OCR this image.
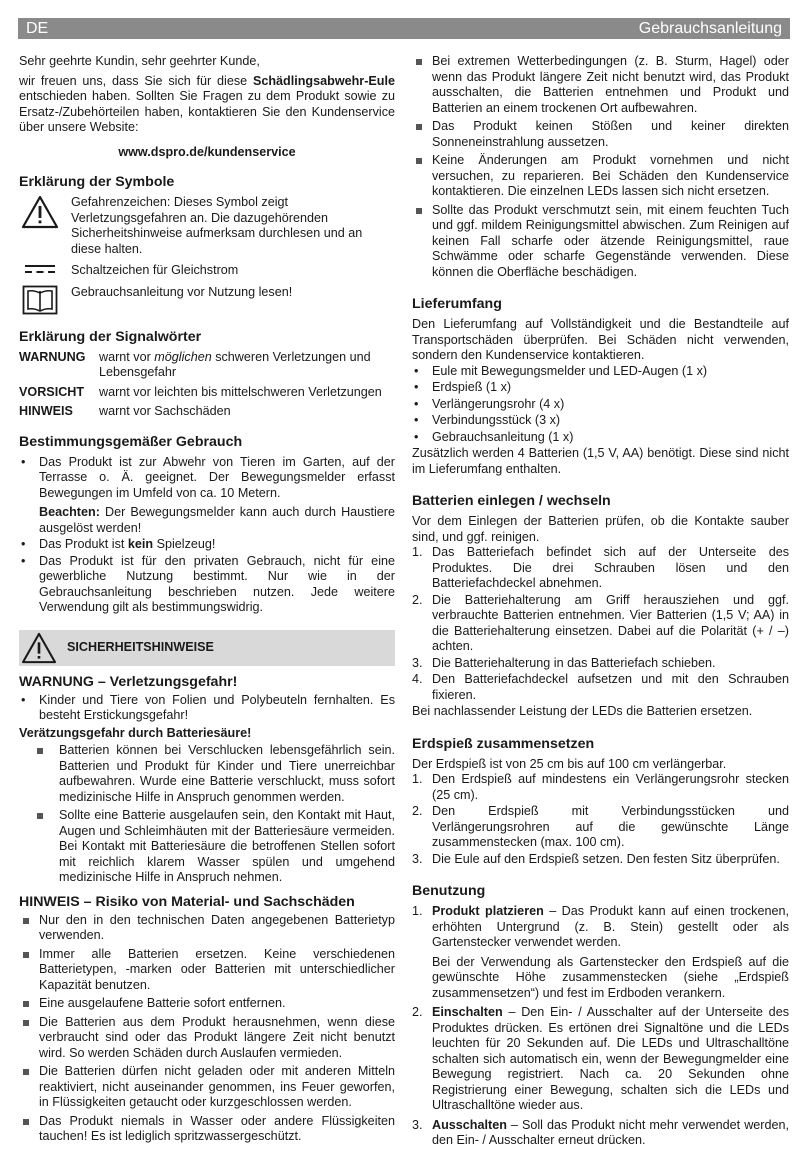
DE	Gebrauchsanleitung

Sehr geehrte Kundin, sehr geehrter Kunde,

wir freuen uns, dass Sie sich für diese Schädlingsabwehr-Eule entschieden haben. Sollten Sie Fragen zu dem Produkt sowie zu Ersatz-/Zubehörteilen haben, kontaktieren Sie den Kundenservice über unsere Website:

www.dspro.de/kundenservice

Erklärung der Symbole
Gefahrenzeichen: Dieses Symbol zeigt Verletzungsgefahren an. Die dazugehörenden Sicherheitshinweise aufmerksam durchlesen und an diese halten.
Schaltzeichen für Gleichstrom
Gebrauchsanleitung vor Nutzung lesen!
Erklärung der Signalwörter
WARNUNG	warnt vor möglichen schweren Verletzungen und Lebensgefahr
VORSICHT	warnt vor leichten bis mittelschweren Verletzungen
HINWEIS	warnt vor Sachschäden
Bestimmungsgemäßer Gebrauch
• Das Produkt ist zur Abwehr von Tieren im Garten, auf der Terrasse o. Ä. geeignet. Der Bewegungsmelder erfasst Bewegungen im Umfeld von ca. 10 Metern.
Beachten: Der Bewegungsmelder kann auch durch Haustiere ausgelöst werden!
• Das Produkt ist kein Spielzeug!
• Das Produkt ist für den privaten Gebrauch, nicht für eine gewerbliche Nutzung bestimmt. Nur wie in der Gebrauchsanleitung beschrieben nutzen. Jede weitere Verwendung gilt als bestimmungswidrig.
SICHERHEITSHINWEISE
WARNUNG – Verletzungsgefahr!
• Kinder und Tiere von Folien und Polybeuteln fernhalten. Es besteht Erstickungsgefahr!
Verätzungsgefahr durch Batteriesäure!
Batterien können bei Verschlucken lebensgefährlich sein. Batterien und Produkt für Kinder und Tiere unerreichbar aufbewahren. Wurde eine Batterie verschluckt, muss sofort medizinische Hilfe in Anspruch genommen werden.
Sollte eine Batterie ausgelaufen sein, den Kontakt mit Haut, Augen und Schleimhäuten mit der Batteriesäure vermeiden. Bei Kontakt mit Batteriesäure die betroffenen Stellen sofort mit reichlich klarem Wasser spülen und umgehend medizinische Hilfe in Anspruch nehmen.
HINWEIS – Risiko von Material- und Sachschäden
Nur den in den technischen Daten angegebenen Batterietyp verwenden.
Immer alle Batterien ersetzen. Keine verschiedenen Batterietypen, -marken oder Batterien mit unterschiedlicher Kapazität benutzen.
Eine ausgelaufene Batterie sofort entfernen.
Die Batterien aus dem Produkt herausnehmen, wenn diese verbraucht sind oder das Produkt längere Zeit nicht benutzt wird. So werden Schäden durch Auslaufen vermieden.
Die Batterien dürfen nicht geladen oder mit anderen Mitteln reaktiviert, nicht auseinander genommen, ins Feuer geworfen, in Flüssigkeiten getaucht oder kurzgeschlossen werden.
Das Produkt niemals in Wasser oder andere Flüssigkeiten tauchen! Es ist lediglich spritzwassergeschützt.
Bei extremen Wetterbedingungen (z. B. Sturm, Hagel) oder wenn das Produkt längere Zeit nicht benutzt wird, das Produkt ausschalten, die Batterien entnehmen und Produkt und Batterien an einem trockenen Ort aufbewahren.
Das Produkt keinen Stößen und keiner direkten Sonneneinstrahlung aussetzen.
Keine Änderungen am Produkt vornehmen und nicht versuchen, zu reparieren. Bei Schäden den Kundenservice kontaktieren. Die einzelnen LEDs lassen sich nicht ersetzen.
Sollte das Produkt verschmutzt sein, mit einem feuchten Tuch und ggf. mildem Reinigungsmittel abwischen. Zum Reinigen auf keinen Fall scharfe oder ätzende Reinigungsmittel, raue Schwämme oder scharfe Gegenstände verwenden. Diese können die Oberfläche beschädigen.
Lieferumfang

Den Lieferumfang auf Vollständigkeit und die Bestandteile auf Transportschäden überprüfen. Bei Schäden nicht verwenden, sondern den Kundenservice kontaktieren.

• Eule mit Bewegungsmelder und LED-Augen (1 x)
• Erdspieß (1 x)
• Verlängerungsrohr (4 x)
• Verbindungsstück (3 x)
• Gebrauchsanleitung (1 x)

Zusätzlich werden 4 Batterien (1,5 V, AA) benötigt. Diese sind nicht im Lieferumfang enthalten.

Batterien einlegen / wechseln

Vor dem Einlegen der Batterien prüfen, ob die Kontakte sauber sind, und ggf. reinigen.

1. Das Batteriefach befindet sich auf der Unterseite des Produktes. Die drei Schrauben lösen und den Batteriefachdeckel abnehmen.
2. Die Batteriehalterung am Griff herausziehen und ggf. verbrauchte Batterien entnehmen. Vier Batterien (1,5 V; AA) in die Batteriehalterung einsetzen. Dabei auf die Polarität (+ / –) achten.
3. Die Batteriehalterung in das Batteriefach schieben.
4. Den Batteriefachdeckel aufsetzen und mit den Schrauben fixieren.

Bei nachlassender Leistung der LEDs die Batterien ersetzen.

Erdspieß zusammensetzen

Der Erdspieß ist von 25 cm bis auf 100 cm verlängerbar.

1. Den Erdspieß auf mindestens ein Verlängerungsrohr stecken (25 cm).
2. Den Erdspieß mit Verbindungsstücken und Verlängerungsrohren auf die gewünschte Länge zusammenstecken (max. 100 cm).
3. Die Eule auf den Erdspieß setzen. Den festen Sitz überprüfen.
Benutzung
1. Produkt platzieren – Das Produkt kann auf einen trockenen, erhöhten Untergrund (z. B. Stein) gestellt oder als Gartenstecker verwendet werden.
Bei der Verwendung als Gartenstecker den Erdspieß auf die gewünschte Höhe zusammenstecken (siehe „Erdspieß zusammensetzen“) und fest im Erdboden verankern.
2. Einschalten – Den Ein- / Ausschalter auf der Unterseite des Produktes drücken. Es ertönen drei Signaltöne und die LEDs leuchten für 20 Sekunden auf. Die LEDs und Ultraschalltöne schalten sich automatisch ein, wenn der Bewegungmelder eine Bewegung registriert. Nach ca. 20 Sekunden ohne Registrierung einer Bewegung, schalten sich die LEDs und Ultraschalltöne wieder aus.
3. Ausschalten – Soll das Produkt nicht mehr verwendet werden, den Ein- / Ausschalter erneut drücken.
